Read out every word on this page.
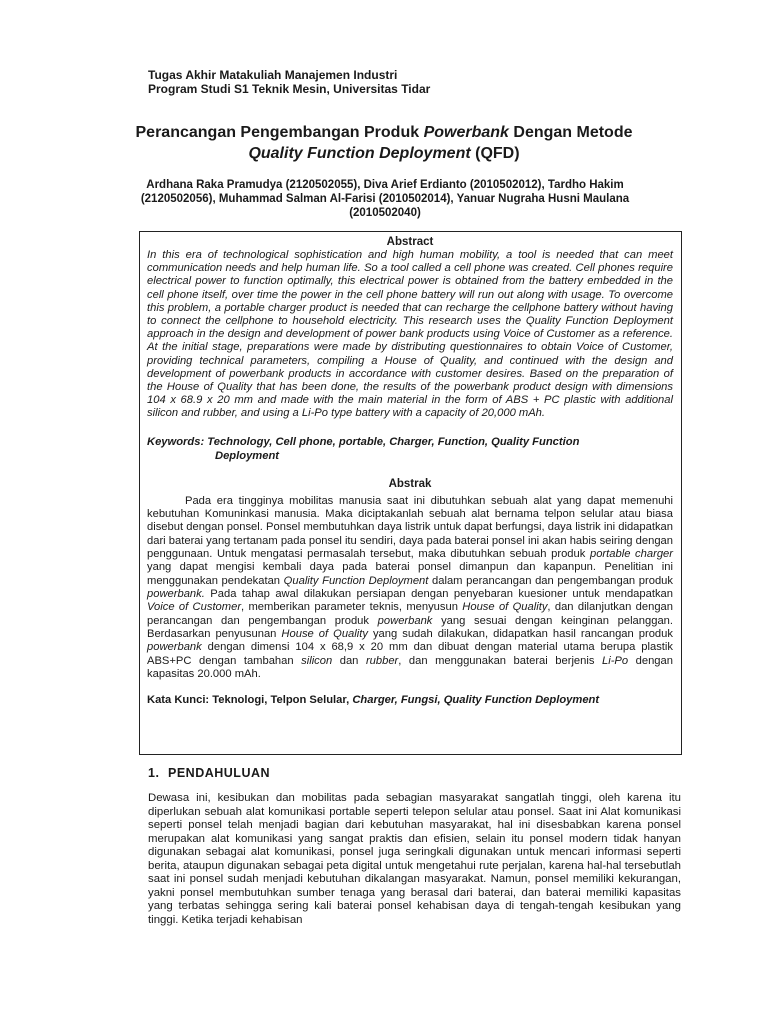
Tugas Akhir Matakuliah Manajemen Industri
Program Studi S1 Teknik Mesin, Universitas Tidar
Perancangan Pengembangan Produk Powerbank Dengan Metode
Quality Function Deployment (QFD)
Ardhana Raka Pramudya (2120502055), Diva Arief Erdianto (2010502012), Tardho Hakim (2120502056), Muhammad Salman Al-Farisi (2010502014), Yanuar Nugraha Husni Maulana (2010502040)
Abstract

In this era of technological sophistication and high human mobility, a tool is needed that can meet communication needs and help human life. So a tool called a cell phone was created. Cell phones require electrical power to function optimally, this electrical power is obtained from the battery embedded in the cell phone itself, over time the power in the cell phone battery will run out along with usage. To overcome this problem, a portable charger product is needed that can recharge the cellphone battery without having to connect the cellphone to household electricity. This research uses the Quality Function Deployment approach in the design and development of power bank products using Voice of Customer as a reference. At the initial stage, preparations were made by distributing questionnaires to obtain Voice of Customer, providing technical parameters, compiling a House of Quality, and continued with the design and development of powerbank products in accordance with customer desires. Based on the preparation of the House of Quality that has been done, the results of the powerbank product design with dimensions 104 x 68.9 x 20 mm and made with the main material in the form of ABS + PC plastic with additional silicon and rubber, and using a Li-Po type battery with a capacity of 20,000 mAh.

Keywords: Technology, Cell phone, portable, Charger, Function, Quality Function
Deployment
Abstrak

Pada era tingginya mobilitas manusia saat ini dibutuhkan sebuah alat yang dapat memenuhi kebutuhan Komuninkasi manusia. Maka diciptakanlah sebuah alat bernama telpon selular atau biasa disebut dengan ponsel. Ponsel membutuhkan daya listrik untuk dapat berfungsi, daya listrik ini didapatkan dari baterai yang tertanam pada ponsel itu sendiri, daya pada baterai ponsel ini akan habis seiring dengan penggunaan. Untuk mengatasi permasalah tersebut, maka dibutuhkan sebuah produk portable charger yang dapat mengisi kembali daya pada baterai ponsel dimanpun dan kapanpun. Penelitian ini menggunakan pendekatan Quality Function Deployment dalam perancangan dan pengembangan produk powerbank. Pada tahap awal dilakukan persiapan dengan penyebaran kuesioner untuk mendapatkan Voice of Customer, memberikan parameter teknis, menyusun House of Quality, dan dilanjutkan dengan perancangan dan pengembangan produk powerbank yang sesuai dengan keinginan pelanggan. Berdasarkan penyusunan House of Quality yang sudah dilakukan, didapatkan hasil rancangan produk powerbank dengan dimensi 104 x 68,9 x 20 mm dan dibuat dengan material utama berupa plastik ABS+PC dengan tambahan silicon dan rubber, dan menggunakan baterai berjenis Li-Po dengan kapasitas 20.000 mAh.

Kata Kunci: Teknologi, Telpon Selular, Charger, Fungsi, Quality Function Deployment
1. PENDAHULUAN

Dewasa ini, kesibukan dan mobilitas pada sebagian masyarakat sangatlah tinggi, oleh karena itu diperlukan sebuah alat komunikasi portable seperti telepon selular atau ponsel. Saat ini Alat komunikasi seperti ponsel telah menjadi bagian dari kebutuhan masyarakat, hal ini disesbabkan karena ponsel merupakan alat komunikasi yang sangat praktis dan efisien, selain itu ponsel modern tidak hanyan digunakan sebagai alat komunikasi, ponsel juga seringkali digunakan untuk mencari informasi seperti berita, ataupun digunakan sebagai peta digital untuk mengetahui rute perjalan, karena hal-hal tersebutlah saat ini ponsel sudah menjadi kebutuhan dikalangan masyarakat. Namun, ponsel memiliki kekurangan, yakni ponsel membutuhkan sumber tenaga yang berasal dari baterai, dan baterai memiliki kapasitas yang terbatas sehingga sering kali baterai ponsel kehabisan daya di tengah-tengah kesibukan yang tinggi. Ketika terjadi kehabisan
